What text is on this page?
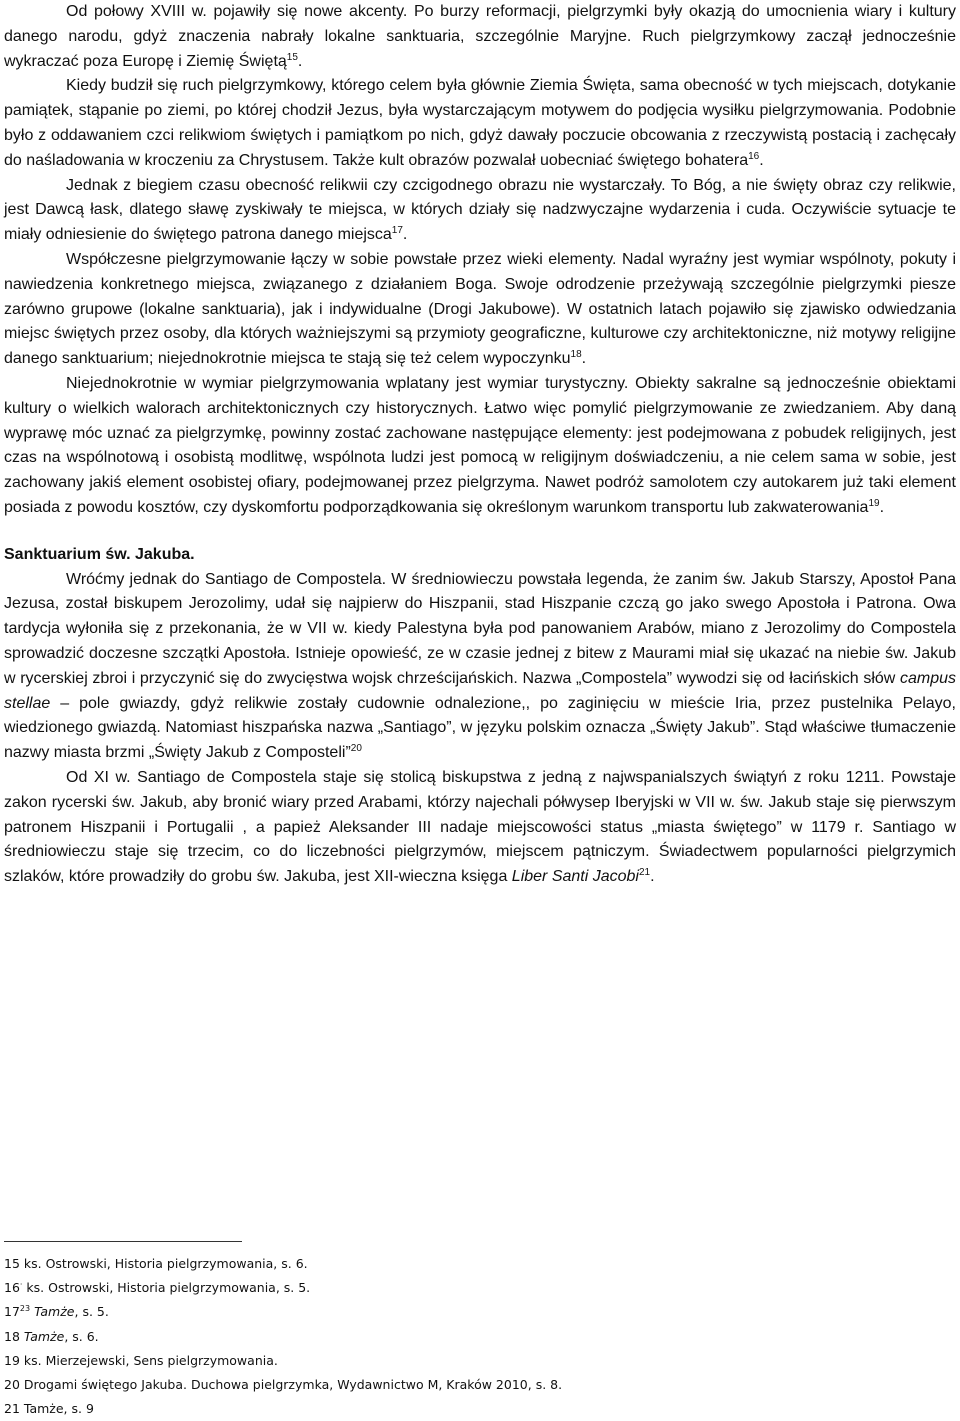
Od połowy XVIII w. pojawiły się nowe akcenty. Po burzy reformacji, pielgrzymki były okazją do umocnienia wiary i kultury danego narodu, gdyż znaczenia nabrały lokalne sanktuaria, szczególnie Maryjne. Ruch pielgrzymkowy zaczął jednocześnie wykraczać poza Europę i Ziemię Świętą$^{15}$.

Kiedy budził się ruch pielgrzymkowy, którego celem była głównie Ziemia Święta, sama obecność w tych miejscach, dotykanie pamiątek, stąpanie po ziemi, po której chodził Jezus, była wystarczającym motywem do podjęcia wysiłku pielgrzymowania. Podobnie było z oddawaniem czci relikwiom świętych i pamiątkom po nich, gdyż dawały poczucie obcowania z rzeczywistą postacią i zachęcały do naśladowania w kroczeniu za Chrystusem. Także kult obrazów pozwalał uobecniać świętego bohatera$^{16}$.

Jednak z biegiem czasu obecność relikwii czy czcigodnego obrazu nie wystarczały. To Bóg, a nie święty obraz czy relikwie, jest Dawcą łask, dlatego sławę zyskiwały te miejsca, w których działy się nadzwyczajne wydarzenia i cuda. Oczywiście sytuacje te miały odniesienie do świętego patrona danego miejsca$^{17}$.

Współczesne pielgrzymowanie łączy w sobie powstałe przez wieki elementy. Nadal wyraźny jest wymiar wspólnoty, pokuty i nawiedzenia konkretnego miejsca, związanego z działaniem Boga. Swoje odrodzenie przeżywają szczególnie pielgrzymki piesze zarówno grupowe (lokalne sanktuaria), jak i indywidualne (Drogi Jakubowe). W ostatnich latach pojawiło się zjawisko odwiedzania miejsc świętych przez osoby, dla których ważniejszymi są przymioty geograficzne, kulturowe czy architektoniczne, niż motywy religijne danego sanktuarium; niejednokrotnie miejsca te stają się też celem wypoczynku$^{18}$.

Niejednokrotnie w wymiar pielgrzymowania wplatany jest wymiar turystyczny. Obiekty sakralne są jednocześnie obiektami kultury o wielkich walorach architektonicznych czy historycznych. Łatwo więc pomylić pielgrzymowanie ze zwiedzaniem. Aby daną wyprawę móc uznać za pielgrzymkę, powinny zostać zachowane następujące elementy: jest podejmowana z pobudek religijnych, jest czas na wspólnotową i osobistą modlitwę, wspólnota ludzi jest pomocą w religijnym doświadczeniu, a nie celem sama w sobie, jest zachowany jakiś element osobistej ofiary, podejmowanej przez pielgrzyma. Nawet podróż samolotem czy autokarem już taki element posiada z powodu kosztów, czy dyskomfortu podporządkowania się określonym warunkom transportu lub zakwaterowania$^{19}$.

Sanktuarium św. Jakuba.

Wróćmy jednak do Santiago de Compostela. W średniowieczu powstała legenda, że zanim św. Jakub Starszy, Apostoł Pana Jezusa, został biskupem Jerozolimy, udał się najpierw do Hiszpanii, stad Hiszpanie czczą go jako swego Apostoła i Patrona. Owa tardycja wyłoniła się z przekonania, że w VII w. kiedy Palestyna była pod panowaniem Arabów, miano z Jerozolimy do Compostela sprowadzić doczesne szczątki Apostoła. Istnieje opowieść, ze w czasie jednej z bitew z Maurami miał się ukazać na niebie św. Jakub w rycerskiej zbroi i przyczynić się do zwycięstwa wojsk chrześcijańskich. Nazwa „Compostela” wywodzi się od łacińskich słów campus stellae – pole gwiazdy, gdyż relikwie zostały cudownie odnalezione,, po zaginięciu w mieście Iria, przez pustelnika Pelayo, wiedzionego gwiazdą. Natomiast hiszpańska nazwa „Santiago”, w języku polskim oznacza „Święty Jakub”. Stąd właściwe tłumaczenie nazwy miasta brzmi „Święty Jakub z Composteli”$^{20}$

Od XI w. Santiago de Compostela staje się stolicą biskupstwa z jedną z najwspanialszych świątyń z roku 1211. Powstaje zakon rycerski św. Jakub, aby bronić wiary przed Arabami, którzy najechali półwysep Iberyjski w VII w. św. Jakub staje się pierwszym patronem Hiszpanii i Portugalii , a papież Aleksander III nadaje miejscowości status „miasta świętego” w 1179 r. Santiago w średniowieczu staje się trzecim, co do liczebności pielgrzymów, miejscem pątniczym. Świadectwem popularności pielgrzymich szlaków, które prowadziły do grobu św. Jakuba, jest XII-wieczna księga Liber Santi Jacobi$^{21}$.

15 ks. Ostrowski, Historia pielgrzymowania, s. 6.

16· ks. Ostrowski, Historia pielgrzymowania, s. 5.

$17^{23}$ Tamże, s. 5.

18 Tamże, s. 6.

19 ks. Mierzejewski, Sens pielgrzymowania.

20 Drogami świętego Jakuba. Duchowa pielgrzymka, Wydawnictwo M, Kraków 2010, s. 8.

21 Tamże, s. 9
